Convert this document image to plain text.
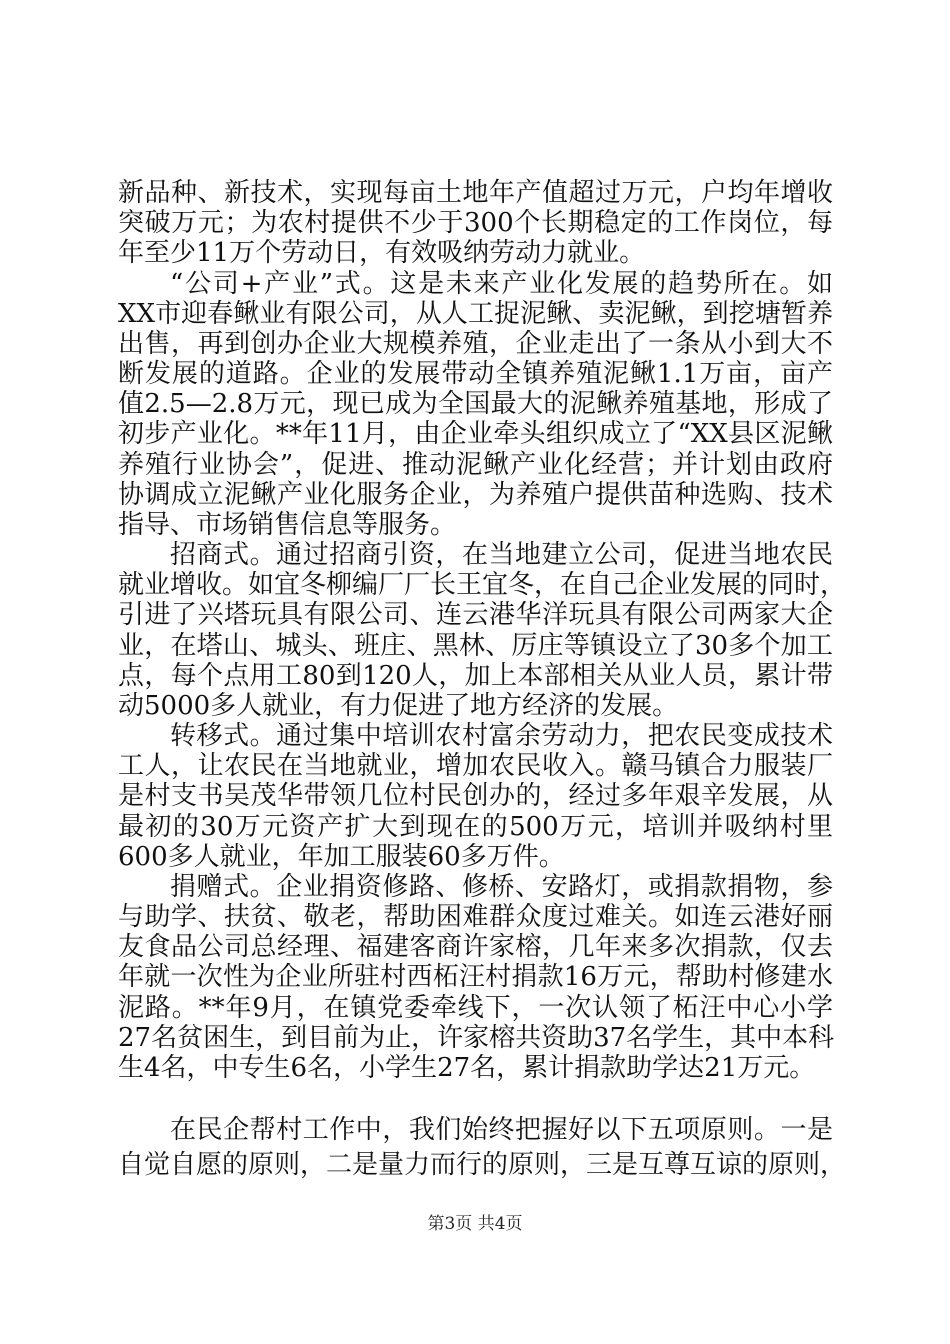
新品种、新技术，实现每亩土地年产值超过万元，户均年增收
突破万元；为农村提供不少于300个长期稳定的工作岗位，每
年至少11万个劳动日，有效吸纳劳动力就业。
“公司+产业”式。这是未来产业化发展的趋势所在。如
XX市迎春鳅业有限公司，从人工捉泥鳅、卖泥鳅，到挖塘暂养
出售，再到创办企业大规模养殖，企业走出了一条从小到大不
断发展的道路。企业的发展带动全镇养殖泥鳅1.1万亩，亩产
值2.5—2.8万元，现已成为全国最大的泥鳅养殖基地，形成了
初步产业化。**年11月，由企业牵头组织成立了“XX县区泥鳅
养殖行业协会”，促进、推动泥鳅产业化经营；并计划由政府
协调成立泥鳅产业化服务企业，为养殖户提供苗种选购、技术
指导、市场销售信息等服务。
招商式。通过招商引资，在当地建立公司，促进当地农民
就业增收。如宜冬柳编厂厂长王宜冬，在自己企业发展的同时，
引进了兴塔玩具有限公司、连云港华洋玩具有限公司两家大企
业，在塔山、城头、班庄、黑林、厉庄等镇设立了30多个加工
点，每个点用工80到120人，加上本部相关从业人员，累计带
动5000多人就业，有力促进了地方经济的发展。
转移式。通过集中培训农村富余劳动力，把农民变成技术
工人，让农民在当地就业，增加农民收入。赣马镇合力服装厂
是村支书吴茂华带领几位村民创办的，经过多年艰辛发展，从
最初的30万元资产扩大到现在的500万元，培训并吸纳村里
600多人就业，年加工服装60多万件。
捐赠式。企业捐资修路、修桥、安路灯，或捐款捐物，参
与助学、扶贫、敬老，帮助困难群众度过难关。如连云港好丽
友食品公司总经理、福建客商许家榕，几年来多次捐款，仅去
年就一次性为企业所驻村西柘汪村捐款16万元，帮助村修建水
泥路。**年9月，在镇党委牵线下，一次认领了柘汪中心小学
27名贫困生，到目前为止，许家榕共资助37名学生，其中本科
生4名，中专生6名，小学生27名，累计捐款助学达21万元。
在民企帮村工作中，我们始终把握好以下五项原则。一是
自觉自愿的原则，二是量力而行的原则，三是互尊互谅的原则，
第3页 共4页
